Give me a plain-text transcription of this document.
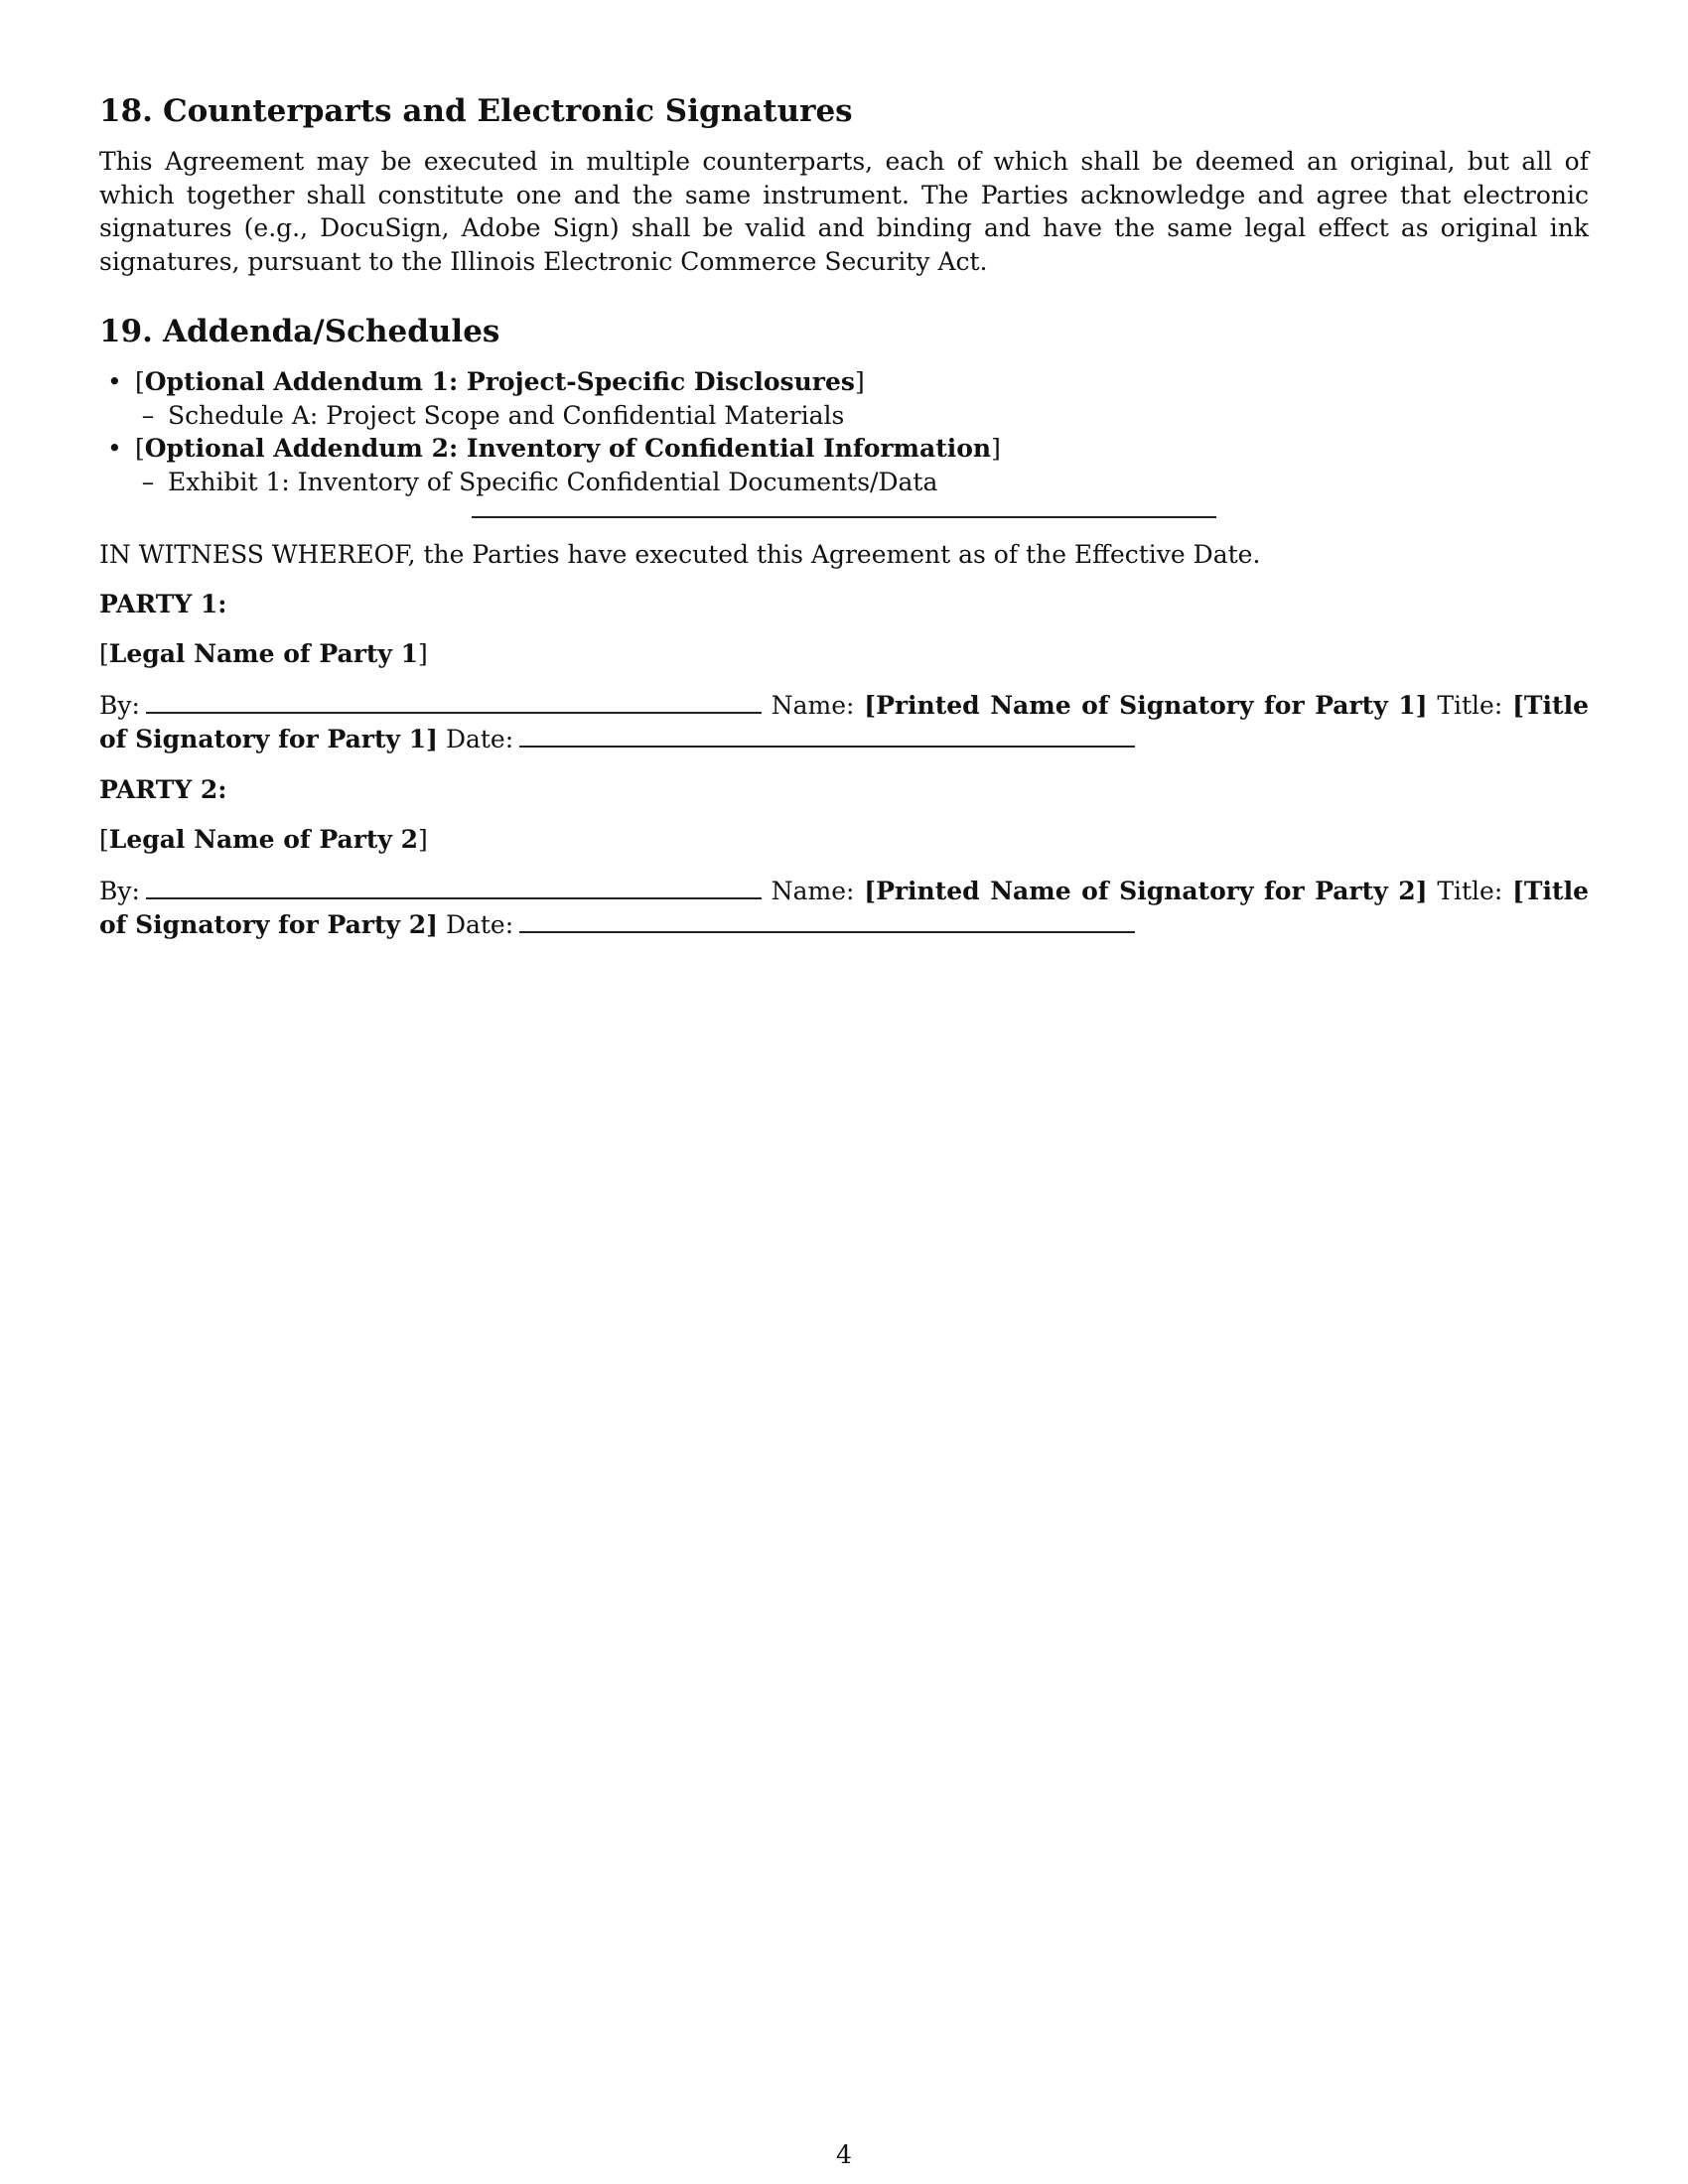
18. Counterparts and Electronic Signatures

This Agreement may be executed in multiple counterparts, each of which shall be deemed an original, but all of which together shall constitute one and the same instrument. The Parties acknowledge and agree that electronic signatures (e.g., DocuSign, Adobe Sign) shall be valid and binding and have the same legal effect as original ink signatures, pursuant to the Illinois Electronic Commerce Security Act.

19. Addenda/Schedules
• [Optional Addendum 1: Project-Specific Disclosures]
– Schedule A: Project Scope and Confidential Materials
• [Optional Addendum 2: Inventory of Confidential Information]
– Exhibit 1: Inventory of Specific Confidential Documents/Data

IN WITNESS WHEREOF, the Parties have executed this Agreement as of the Effective Date.

PARTY 1:
[Legal Name of Party 1]
By:	Name: [Printed Name of Signatory for Party 1] Title: [Title of Signatory for Party 1] Date:
PARTY 2:
[Legal Name of Party 2]
By:	Name: [Printed Name of Signatory for Party 2] Title: [Title of Signatory for Party 2] Date:
4
